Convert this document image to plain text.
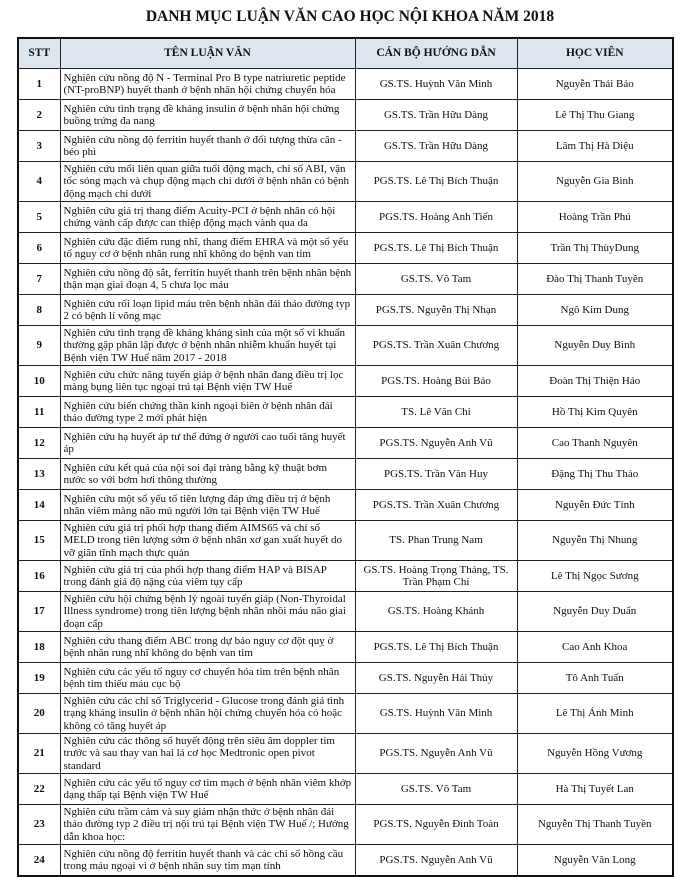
DANH MỤC LUẬN VĂN CAO HỌC NỘI KHOA NĂM 2018
STT	TÊN LUẬN VĂN	CÁN BỘ HƯỚNG DẪN	HỌC VIÊN
1	Nghiên cứu nồng độ N - Terminal Pro B type natriuretic peptide (NT-proBNP) huyết thanh ở bệnh nhân hội chứng chuyển hóa	GS.TS. Huỳnh Văn Minh	Nguyễn Thái Bảo
2	Nghiên cứu tình trạng đề kháng insulin ở bệnh nhân hội chứng buồng trứng đa nang	GS.TS. Trần Hữu Dàng	Lê Thị Thu Giang
3	Nghiên cứu nồng độ ferritin huyết thanh ở đối tượng thừa cân - béo phì	GS.TS. Trần Hữu Dàng	Lâm Thị Hà Diệu
4	Nghiên cứu mối liên quan giữa tuổi động mạch, chỉ số ABI, vận tốc sóng mạch và chụp động mạch chi dưới ở bệnh nhân có bệnh động mạch chi dưới	PGS.TS. Lê Thị Bích Thuận	Nguyễn Gia Bình
5	Nghiên cứu giá trị thang điểm Acuity-PCI ở bệnh nhân có hội chứng vành cấp được can thiệp động mạch vành qua da	PGS.TS. Hoàng Anh Tiến	Hoàng Trần Phú
6	Nghiên cứu đặc điểm rung nhĩ, thang điểm EHRA và một số yếu tố nguy cơ ở bệnh nhân rung nhĩ không do bệnh van tim	PGS.TS. Lê Thị Bích Thuận	Trần Thị ThùyDung
7	Nghiên cứu nồng độ sắt, ferritin huyết thanh trên bệnh nhân bệnh thận mạn giai đoạn 4, 5 chưa lọc máu	GS.TS. Võ Tam	Đào Thị Thanh Tuyền
8	Nghiên cứu rối loạn lipid máu trên bệnh nhân đái tháo đường typ 2 có bệnh lí võng mạc	PGS.TS. Nguyễn Thị Nhạn	Ngô Kim Dung
9	Nghiên cứu tình trạng đề kháng kháng sinh của một số vi khuẩn thường gặp phân lập được ở bệnh nhân nhiễm khuẩn huyết tại Bệnh viện TW Huế năm 2017 - 2018	PGS.TS. Trần Xuân Chương	Nguyễn Duy Bình
10	Nghiên cứu chức năng tuyến giáp ở bệnh nhân đang điều trị lọc màng bụng liên tục ngoại trú tại Bệnh viện TW Huế	PGS.TS. Hoàng Bùi Bảo	Đoàn Thị Thiện Hảo
11	Nghiên cứu biến chứng thần kinh ngoại biên ở bệnh nhân đái tháo đường type 2 mới phát hiện	TS. Lê Văn Chi	Hồ Thị Kim Quyên
12	Nghiên cứu hạ huyết áp tư thế đứng ở người cao tuổi tăng huyết áp	PGS.TS. Nguyễn Anh Vũ	Cao Thanh Nguyên
13	Nghiên cứu kết quả của nội soi đại tràng bằng kỹ thuật bơm nước so với bơm hơi thông thường	PGS.TS. Trần Văn Huy	Đặng Thị Thu Thảo
14	Nghiên cứu một số yếu tố tiên lượng đáp ứng điều trị ở bệnh nhân viêm màng não mủ người lớn tại Bệnh viện TW Huế	PGS.TS. Trần Xuân Chương	Nguyễn Đức Tính
15	Nghiên cứu giá trị phối hợp thang điểm AIMS65 và chỉ số MELD trong tiên lượng sớm ở bệnh nhân xơ gan xuất huyết do vỡ giãn tĩnh mạch thực quản	TS. Phan Trung Nam	Nguyễn Thị Nhung
16	Nghiên cứu giá trị của phối hợp thang điểm HAP và BISAP trong đánh giá độ nặng của viêm tụy cấp	GS.TS. Hoàng Trọng Thảng, TS. Trần Phạm Chí	Lê Thị Ngọc Sương
17	Nghiên cứu hội chứng bệnh lý ngoài tuyến giáp (Non-Thyroidal Illness syndrome) trong tiên lượng bệnh nhân nhồi máu não giai đoạn cấp	GS.TS. Hoàng Khánh	Nguyễn Duy Duẩn
18	Nghiên cứu thang điểm ABC trong dự báo nguy cơ đột quỵ ở bệnh nhân rung nhĩ không do bệnh van tim	PGS.TS. Lê Thị Bích Thuận	Cao Anh Khoa
19	Nghiên cứu các yếu tố nguy cơ chuyển hóa tim trên bệnh nhân bệnh tim thiếu máu cục bộ	GS.TS. Nguyễn Hải Thủy	Tô Anh Tuấn
20	Nghiên cứu các chỉ số Triglycerid - Glucose trong đánh giá tình trạng kháng insulin ở bệnh nhân hội chứng chuyển hóa có hoặc không có tăng huyết áp	GS.TS. Huỳnh Văn Minh	Lê Thị Ánh Minh
21	Nghiên cứu các thông số huyết động trên siêu âm doppler tim trước và sau thay van hai lá cơ học Medtronic open pivot standard	PGS.TS. Nguyễn Anh Vũ	Nguyễn Hồng Vương
22	Nghiên cứu các yếu tố nguy cơ tim mạch ở bệnh nhân viêm khớp dạng thấp tại Bệnh viện TW Huế	GS.TS. Võ Tam	Hà Thị Tuyết Lan
23	Nghiên cứu trầm cảm và suy giảm nhận thức ở bệnh nhân đái tháo đường typ 2 điều trị nội trú tại Bệnh viện TW Huế /; Hướng dẫn khoa học:	PGS.TS. Nguyễn Đình Toàn	Nguyễn Thị Thanh Tuyền
24	Nghiên cứu nồng độ ferritin huyết thanh và các chỉ số hồng cầu trong máu ngoại vi ở bệnh nhân suy tim mạn tính	PGS.TS. Nguyễn Anh Vũ	Nguyễn Văn Long
